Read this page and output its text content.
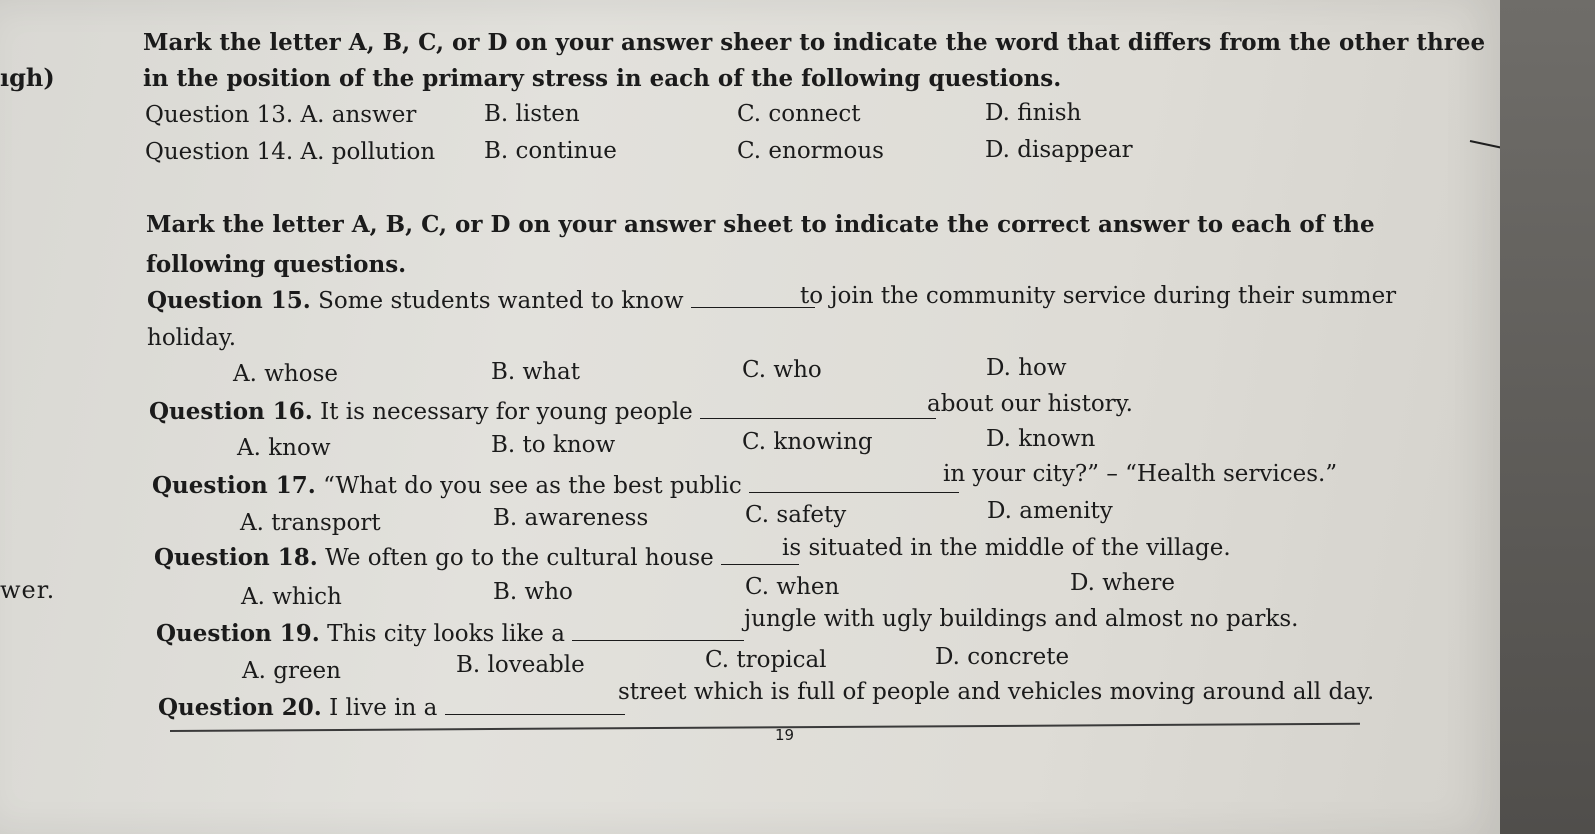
ıgh)
wer.
Mark the letter A, B, C, or D on your answer sheer to indicate the word that differs from the other three
in the position of the primary stress in each of the following questions.
Question 13. A. answer	B. listen	C. connect	D. finish
Question 14. A. pollution B. continue	C. enormous	D. disappear
Mark the letter A, B, C, or D on your answer sheet to indicate the correct answer to each of the
following questions.
Question 15. Some students wanted to know	to join the community service during their summer
holiday.
A. whose	B. what	C. who	D. how
Question 16. It is necessary for young people	about our history.
A. know	B. to know	C. knowing	D. known
Question 17. “What do you see as the best public	in your city?” – “Health services.”
A. transport	B. awareness	C. safety	D. amenity
Question 18. We often go to the cultural house	is situated in the middle of the village.
A. which	B. who	C. when	D. where
Question 19. This city looks like a
jungle with ugly buildings and almost no parks.
A. green	B. loveable	C. tropical	D. concrete
Question 20. I live in a
street which is full of people and vehicles moving around all day.
19
